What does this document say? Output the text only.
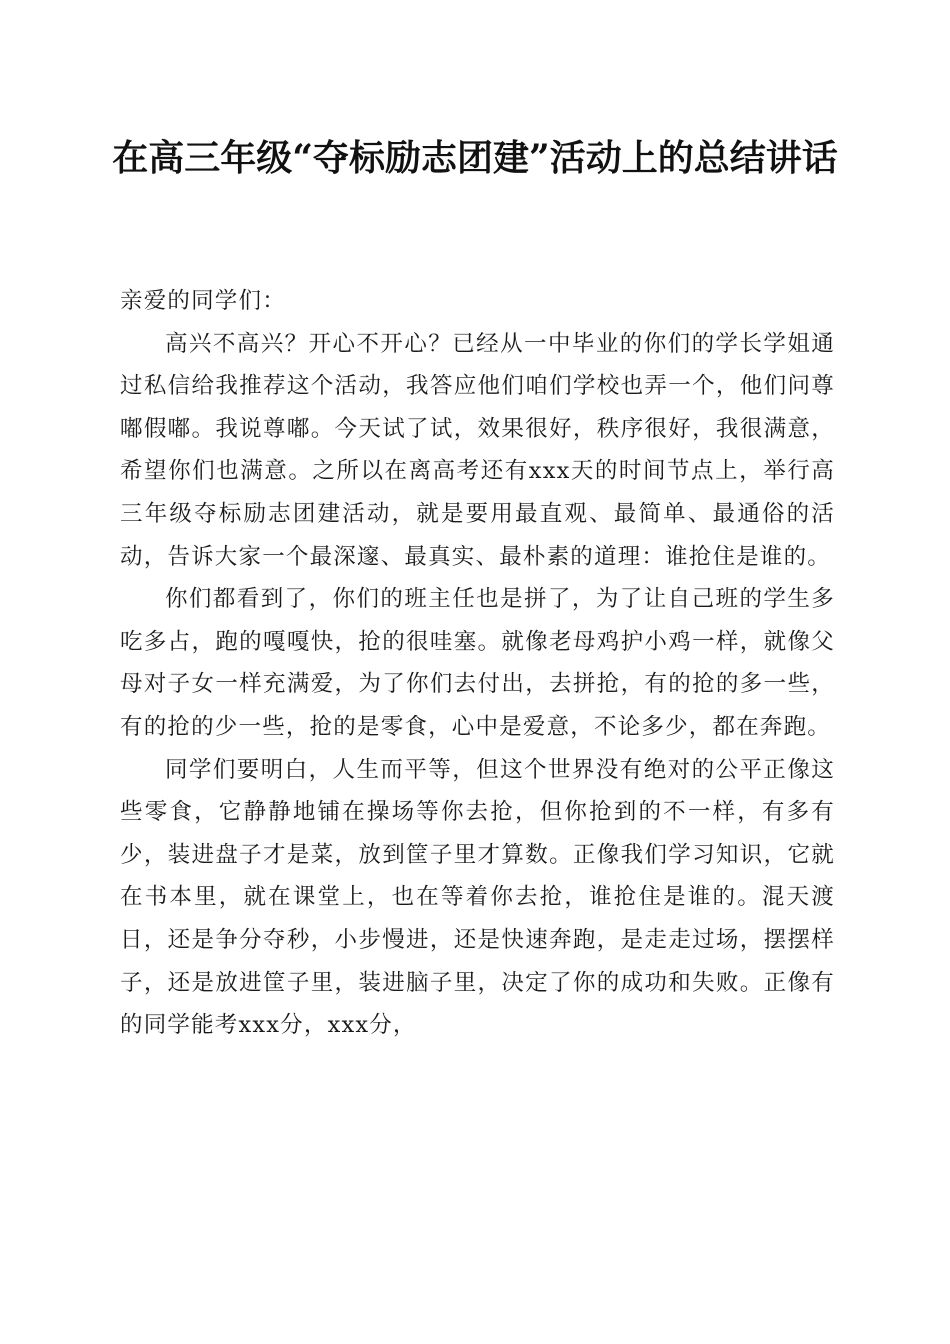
在高三年级“夺标励志团建”活动上的总结讲话

亲爱的同学们：

高兴不高兴？开心不开心？已经从一中毕业的你们的学长学姐通过私信给我推荐这个活动，我答应他们咱们学校也弄一个，他们问尊嘟假嘟。我说尊嘟。今天试了试，效果很好，秩序很好，我很满意，希望你们也满意。之所以在离高考还有xxx天的时间节点上，举行高三年级夺标励志团建活动，就是要用最直观、最简单、最通俗的活动，告诉大家一个最深邃、最真实、最朴素的道理：谁抢住是谁的。

你们都看到了，你们的班主任也是拼了，为了让自己班的学生多吃多占，跑的嘎嘎快，抢的很哇塞。就像老母鸡护小鸡一样，就像父母对子女一样充满爱，为了你们去付出，去拼抢，有的抢的多一些，有的抢的少一些，抢的是零食，心中是爱意，不论多少，都在奔跑。

同学们要明白，人生而平等，但这个世界没有绝对的公平正像这些零食，它静静地铺在操场等你去抢，但你抢到的不一样，有多有少，装进盘子才是菜，放到筐子里才算数。正像我们学习知识，它就在书本里，就在课堂上，也在等着你去抢，谁抢住是谁的。混天渡日，还是争分夺秒，小步慢进，还是快速奔跑，是走走过场，摆摆样子，还是放进筐子里，装进脑子里，决定了你的成功和失败。正像有的同学能考xxx分，xxx分，
